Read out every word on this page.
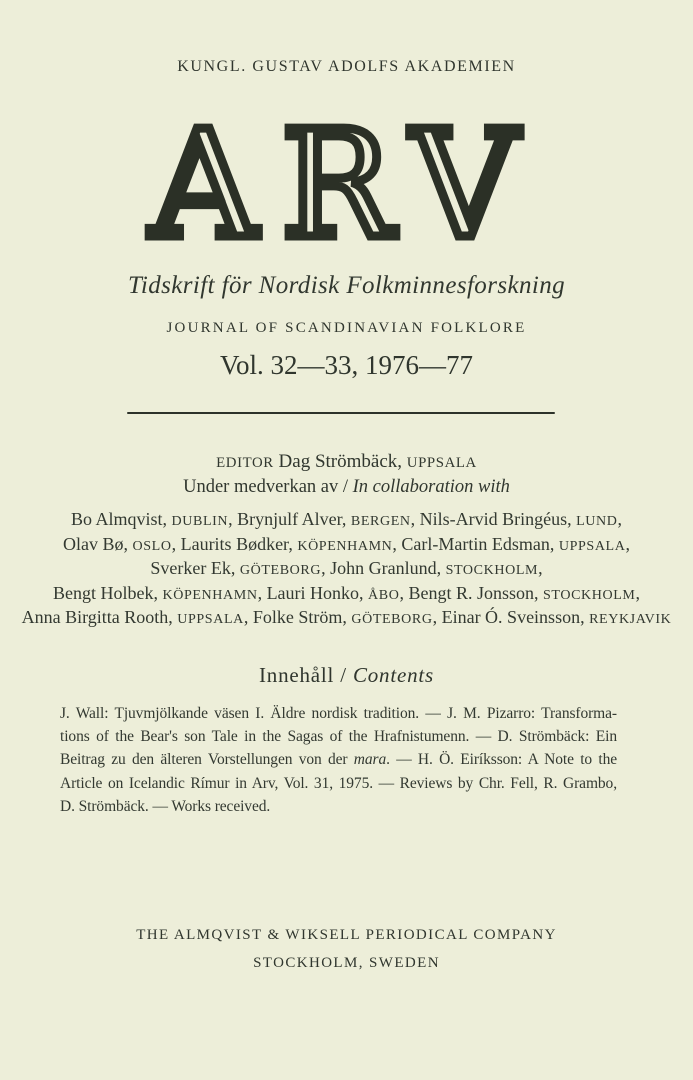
KUNGL. GUSTAV ADOLFS AKADEMIEN
ARV
Tidskrift för Nordisk Folkminnesforskning
JOURNAL OF SCANDINAVIAN FOLKLORE
Vol. 32—33, 1976—77
EDITOR Dag Strömbäck, UPPSALA
Under medverkan av / In collaboration with
Bo Almqvist, DUBLIN, Brynjulf Alver, BERGEN, Nils-Arvid Bringéus, LUND,
Olav Bø, OSLO, Laurits Bødker, KÖPENHAMN, Carl-Martin Edsman, UPPSALA,
Sverker Ek, GÖTEBORG, John Granlund, STOCKHOLM,
Bengt Holbek, KÖPENHAMN, Lauri Honko, ÅBO, Bengt R. Jonsson, STOCKHOLM,
Anna Birgitta Rooth, UPPSALA, Folke Ström, GÖTEBORG, Einar Ó. Sveinsson, REYKJAVIK
Innehåll / Contents
J. Wall: Tjuvmjölkande väsen I. Äldre nordisk tradition. — J. M. Pizarro: Transforma-
tions of the Bear's son Tale in the Sagas of the Hrafnistumenn. — D. Strömbäck: Ein
Beitrag zu den älteren Vorstellungen von der mara. — H. Ö. Eiríksson: A Note to the
Article on Icelandic Rímur in Arv, Vol. 31, 1975. — Reviews by Chr. Fell, R. Grambo,
D. Strömbäck. — Works received.
THE ALMQVIST & WIKSELL PERIODICAL COMPANY
STOCKHOLM, SWEDEN
